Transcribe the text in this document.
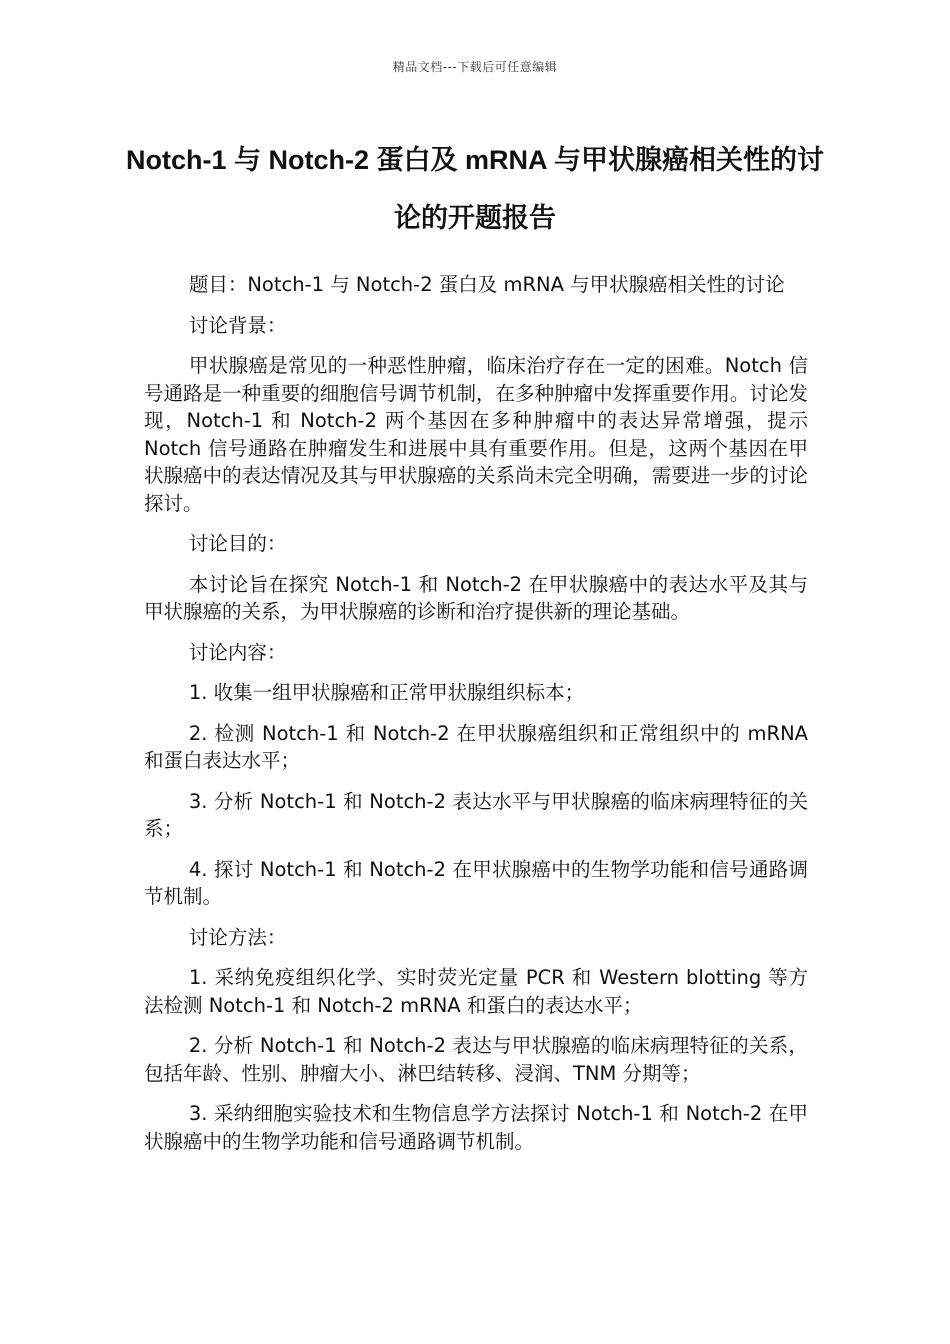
精品文档---下载后可任意编辑
Notch-1 与 Notch-2 蛋白及 mRNA 与甲状腺癌相关性的讨论的开题报告

题目：Notch-1 与 Notch-2 蛋白及 mRNA 与甲状腺癌相关性的讨论

讨论背景：

甲状腺癌是常见的一种恶性肿瘤，临床治疗存在一定的困难。Notch 信号通路是一种重要的细胞信号调节机制，在多种肿瘤中发挥重要作用。讨论发现，Notch-1 和 Notch-2 两个基因在多种肿瘤中的表达异常增强，提示 Notch 信号通路在肿瘤发生和进展中具有重要作用。但是，这两个基因在甲状腺癌中的表达情况及其与甲状腺癌的关系尚未完全明确，需要进一步的讨论探讨。

讨论目的：

本讨论旨在探究 Notch-1 和 Notch-2 在甲状腺癌中的表达水平及其与甲状腺癌的关系，为甲状腺癌的诊断和治疗提供新的理论基础。

讨论内容：

1. 收集一组甲状腺癌和正常甲状腺组织标本；

2. 检测 Notch-1 和 Notch-2 在甲状腺癌组织和正常组织中的 mRNA 和蛋白表达水平；

3. 分析 Notch-1 和 Notch-2 表达水平与甲状腺癌的临床病理特征的关系；

4. 探讨 Notch-1 和 Notch-2 在甲状腺癌中的生物学功能和信号通路调节机制。

讨论方法：

1. 采纳免疫组织化学、实时荧光定量 PCR 和 Western blotting 等方法检测 Notch-1 和 Notch-2 mRNA 和蛋白的表达水平；

2. 分析 Notch-1 和 Notch-2 表达与甲状腺癌的临床病理特征的关系，包括年龄、性别、肿瘤大小、淋巴结转移、浸润、TNM 分期等；

3. 采纳细胞实验技术和生物信息学方法探讨 Notch-1 和 Notch-2 在甲状腺癌中的生物学功能和信号通路调节机制。
